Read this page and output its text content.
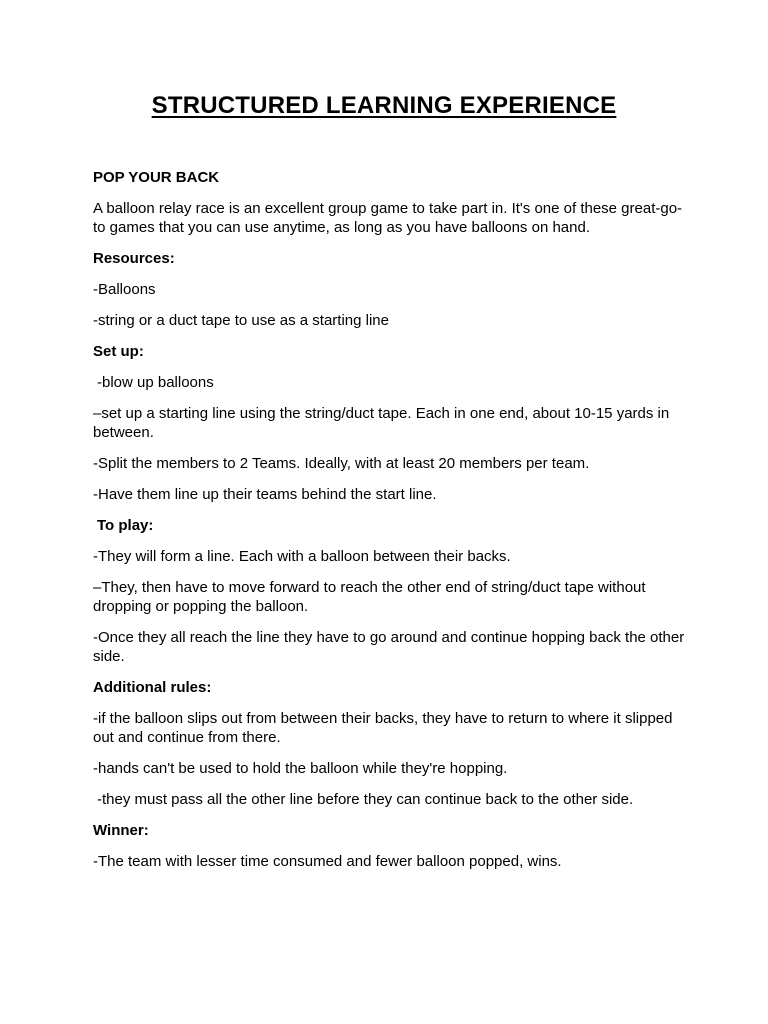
STRUCTURED LEARNING EXPERIENCE

POP YOUR BACK

A balloon relay race is an excellent group game to take part in. It's one of these great-go-to games that you can use anytime, as long as you have balloons on hand.

Resources:

-Balloons

-string or a duct tape to use as a starting line

Set up:

-blow up balloons

–set up a starting line using the string/duct tape. Each in one end, about 10-15 yards in between.

-Split the members to 2 Teams. Ideally, with at least 20 members per team.

-Have them line up their teams behind the start line.

To play:

-They will form a line. Each with a balloon between their backs.

–They, then have to move forward to reach the other end of string/duct tape without dropping or popping the balloon.

-Once they all reach the line they have to go around and continue hopping back the other side.

Additional rules:

-if the balloon slips out from between their backs, they have to return to where it slipped out and continue from there.

-hands can't be used to hold the balloon while they're hopping.

-they must pass all the other line before they can continue back to the other side.

Winner:

-The team with lesser time consumed and fewer balloon popped, wins.
